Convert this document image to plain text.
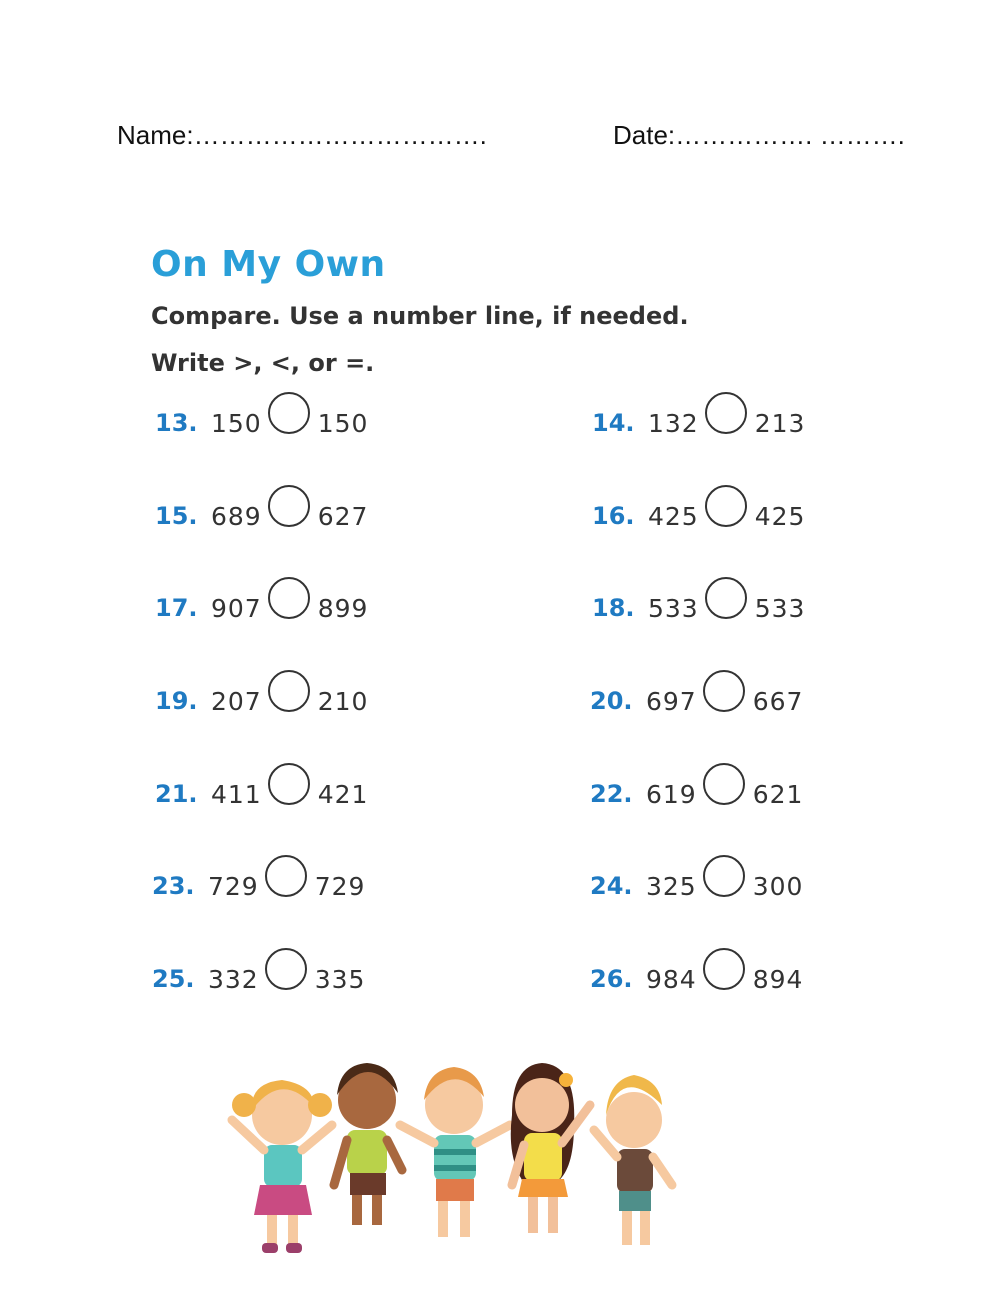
Name:…………………………….	Date:……………. ……….
On My Own
Compare. Use a number line, if needed.
Write >, <, or =.
13. 150 150
15. 689 627
17. 907 899
19. 207 210
21. 411 421
23. 729 729
25. 332 335
14. 132 213
16. 425 425
18. 533 533
20. 697 667
22. 619 621
24. 325 300
26. 984 894
